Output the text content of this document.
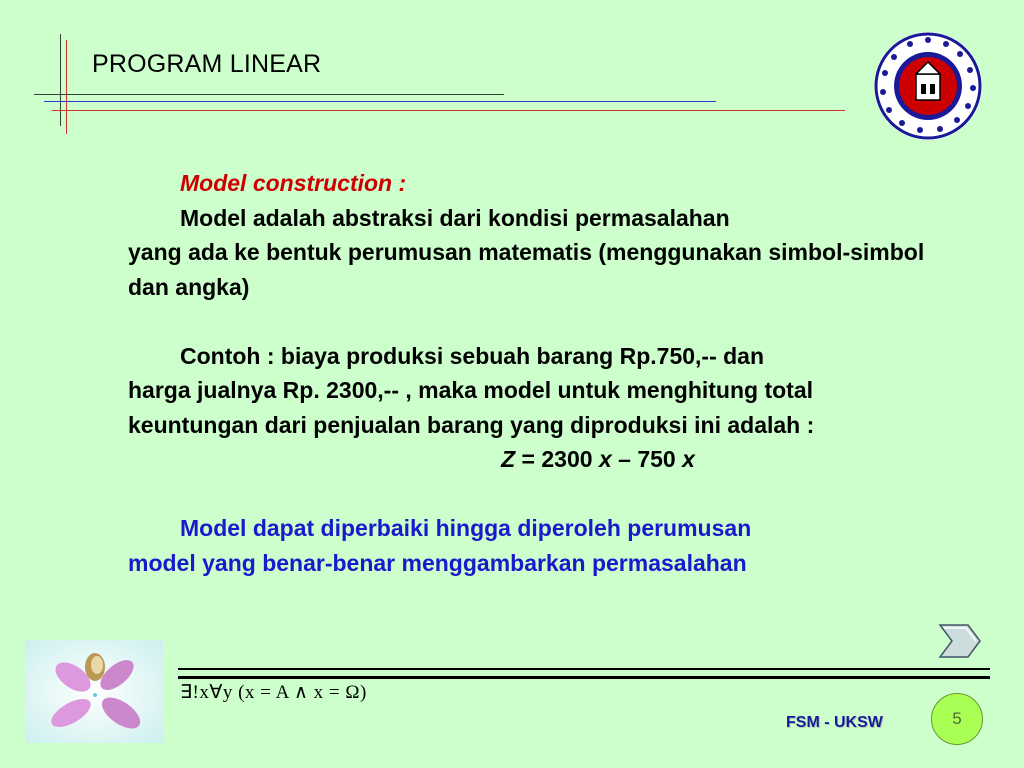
PROGRAM LINEAR

Model construction :

Model adalah abstraksi dari kondisi permasalahan
yang ada ke bentuk perumusan matematis (menggunakan simbol-simbol dan angka)

Contoh : biaya produksi sebuah barang Rp.750,-- dan
harga jualnya Rp. 2300,-- , maka model untuk menghitung total keuntungan dari penjualan barang yang diproduksi ini adalah :

Z = 2300 x – 750 x

Model dapat diperbaiki hingga diperoleh perumusan
model yang benar-benar menggambarkan permasalahan

∃!x∀y (x = A ∧ x = Ω)
FSM - UKSW	5
